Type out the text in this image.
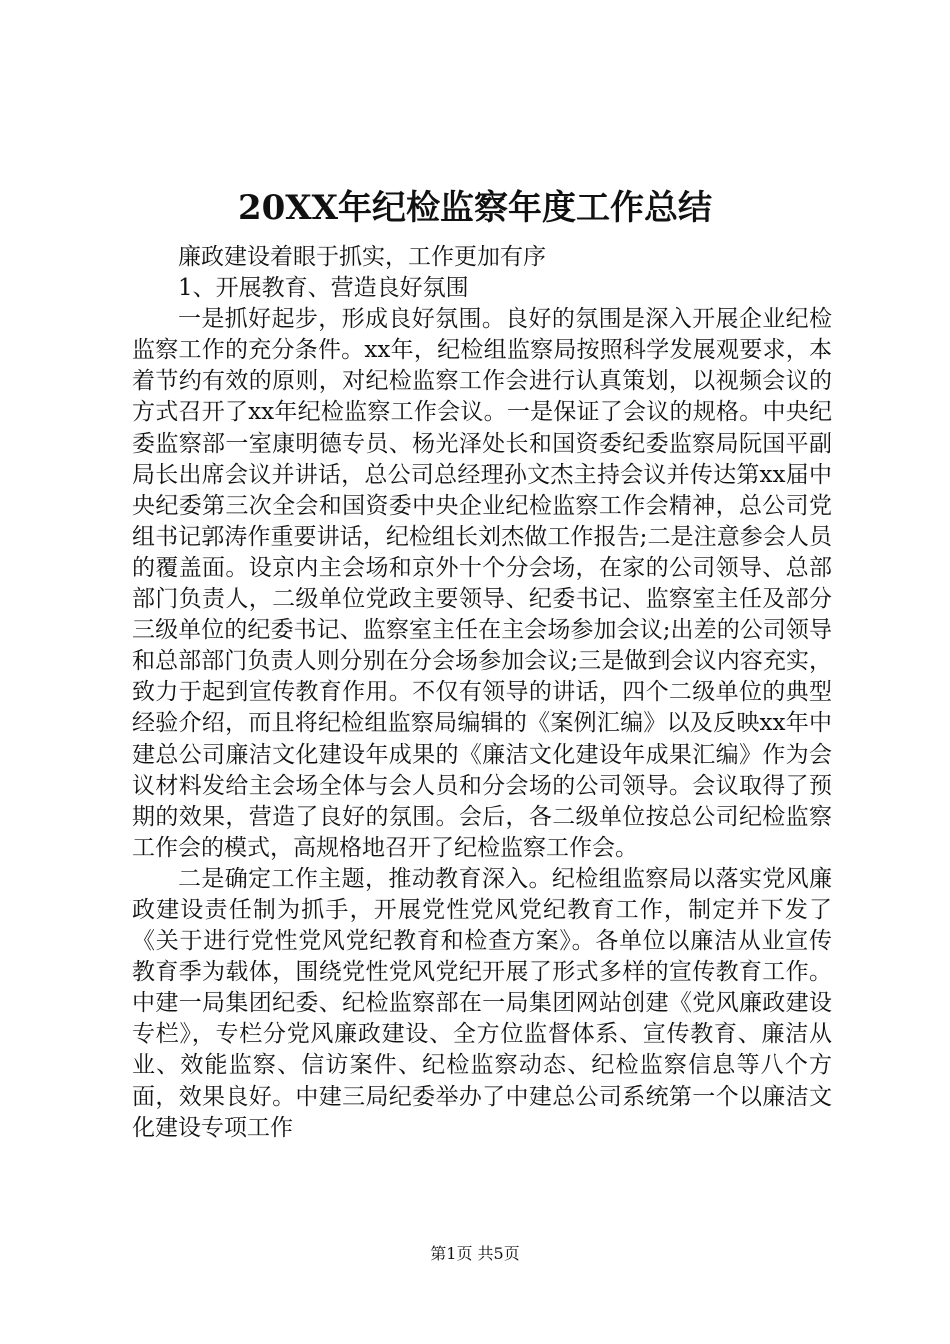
20XX年纪检监察年度工作总结

廉政建设着眼于抓实，工作更加有序

1、开展教育、营造良好氛围

一是抓好起步，形成良好氛围。良好的氛围是深入开展企业纪检监察工作的充分条件。xx年，纪检组监察局按照科学发展观要求，本着节约有效的原则，对纪检监察工作会进行认真策划，以视频会议的方式召开了xx年纪检监察工作会议。一是保证了会议的规格。中央纪委监察部一室康明德专员、杨光泽处长和国资委纪委监察局阮国平副局长出席会议并讲话，总公司总经理孙文杰主持会议并传达第xx届中央纪委第三次全会和国资委中央企业纪检监察工作会精神，总公司党组书记郭涛作重要讲话，纪检组长刘杰做工作报告;二是注意参会人员的覆盖面。设京内主会场和京外十个分会场，在家的公司领导、总部部门负责人，二级单位党政主要领导、纪委书记、监察室主任及部分三级单位的纪委书记、监察室主任在主会场参加会议;出差的公司领导和总部部门负责人则分别在分会场参加会议;三是做到会议内容充实，致力于起到宣传教育作用。不仅有领导的讲话，四个二级单位的典型经验介绍，而且将纪检组监察局编辑的《案例汇编》以及反映xx年中建总公司廉洁文化建设年成果的《廉洁文化建设年成果汇编》作为会议材料发给主会场全体与会人员和分会场的公司领导。会议取得了预期的效果，营造了良好的氛围。会后，各二级单位按总公司纪检监察工作会的模式，高规格地召开了纪检监察工作会。

二是确定工作主题，推动教育深入。纪检组监察局以落实党风廉政建设责任制为抓手，开展党性党风党纪教育工作，制定并下发了《关于进行党性党风党纪教育和检查方案》。各单位以廉洁从业宣传教育季为载体，围绕党性党风党纪开展了形式多样的宣传教育工作。中建一局集团纪委、纪检监察部在一局集团网站创建《党风廉政建设专栏》，专栏分党风廉政建设、全方位监督体系、宣传教育、廉洁从业、效能监察、信访案件、纪检监察动态、纪检监察信息等八个方面，效果良好。中建三局纪委举办了中建总公司系统第一个以廉洁文化建设专项工作

第1页 共5页
